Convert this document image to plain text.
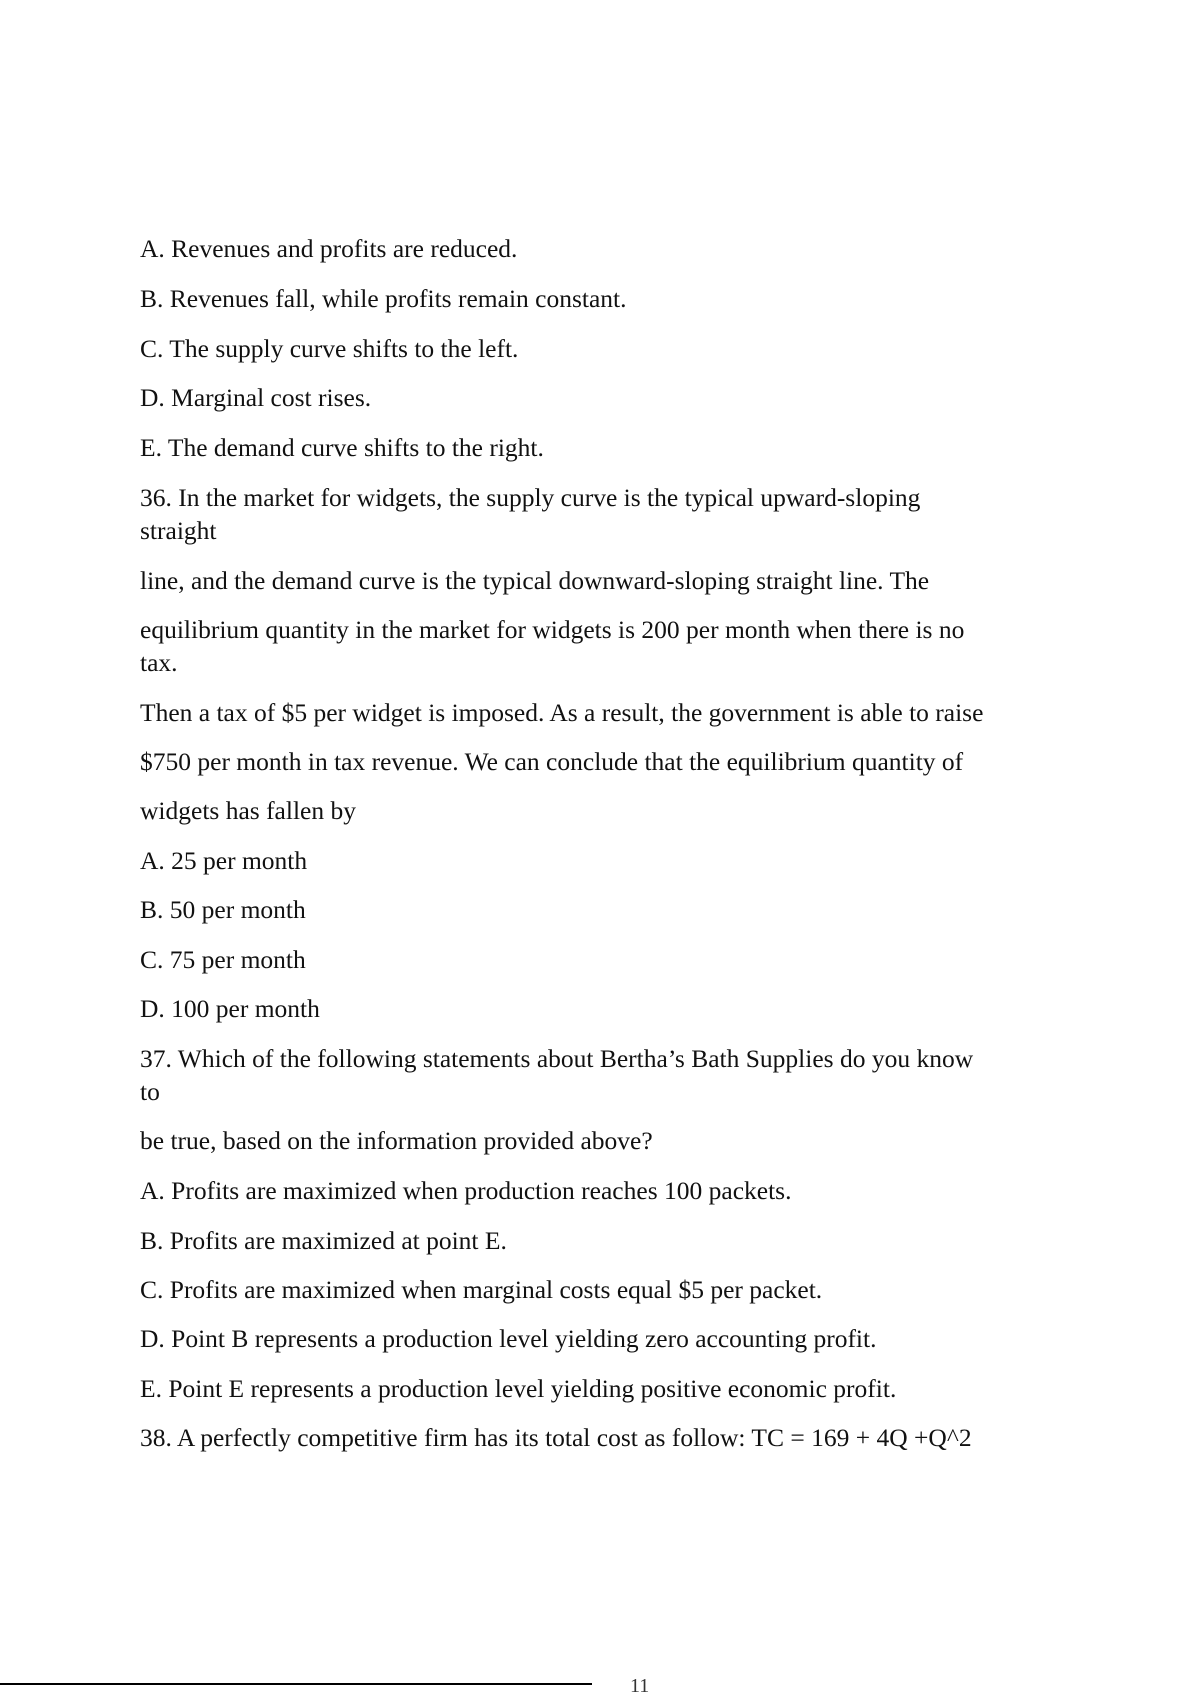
A. Revenues and profits are reduced.
B. Revenues fall, while profits remain constant.
C. The supply curve shifts to the left.
D. Marginal cost rises.
E. The demand curve shifts to the right.
36. In the market for widgets, the supply curve is the typical upward-sloping
straight
line, and the demand curve is the typical downward-sloping straight line. The
equilibrium quantity in the market for widgets is 200 per month when there is no
tax.
Then a tax of $5 per widget is imposed. As a result, the government is able to raise
$750 per month in tax revenue. We can conclude that the equilibrium quantity of
widgets has fallen by
A. 25 per month
B. 50 per month
C. 75 per month
D. 100 per month
37. Which of the following statements about Bertha’s Bath Supplies do you know
to
be true, based on the information provided above?
A. Profits are maximized when production reaches 100 packets.
B. Profits are maximized at point E.
C. Profits are maximized when marginal costs equal $5 per packet.
D. Point B represents a production level yielding zero accounting profit.
E. Point E represents a production level yielding positive economic profit.
38. A perfectly competitive firm has its total cost as follow: TC = 169 + 4Q +Q^2
11
